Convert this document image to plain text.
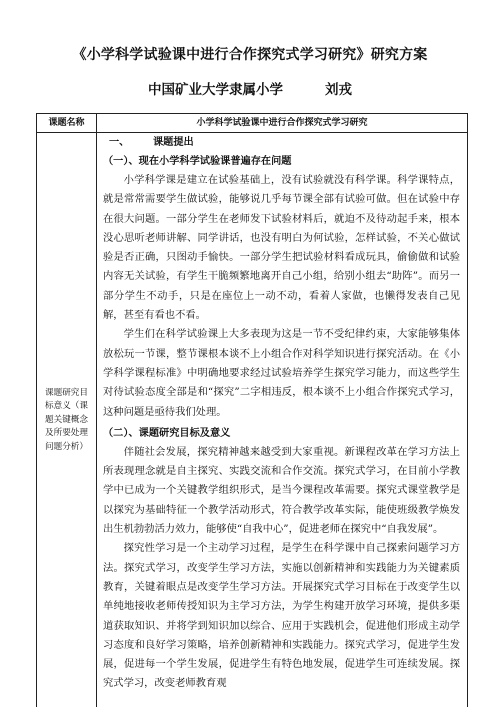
《小学科学试验课中进行合作探究式学习研究》研究方案
中国矿业大学隶属小学	刘戎
课题名称	小学科学试验课中进行合作探究式学习研究
课题研究目标意义（课题关键概念及所要处理问题分析）

一、 课题提出

（一）、现在小学科学试验课普遍存在问题

小学科学课是建立在试验基础上，没有试验就没有科学课。科学课特点，就是常常需要学生做试验，能够说几乎每节课全部有试验可做。但在试验中存在很大问题。一部分学生在老师发下试验材料后，就迫不及待动起手来，根本没心思听老师讲解、同学讲话，也没有明白为何试验，怎样试验，不关心做试验是否正确，只图动手愉快。一部分学生把试验材料看成玩具，偷偷做和试验内容无关试验，有学生干脆频繁地离开自己小组，给别小组去“助阵”。而另一部分学生不动手，只是在座位上一动不动，看着人家做，也懒得发表自己见解，甚至有看也不看。

学生们在科学试验课上大多表现为这是一节不受纪律约束，大家能够集体放松玩一节课，整节课根本谈不上小组合作对科学知识进行探究活动。在《小学科学课程标准》中明确地要求经过试验培养学生探究学习能力，而这些学生对待试验态度全部是和“探究”二字相违反，根本谈不上小组合作探究式学习，这种问题是亟待我们处理。

（二）、课题研究目标及意义

伴随社会发展，探究精神越来越受到大家重视。新课程改革在学习方法上所表现理念就是自主探究、实践交流和合作交流。探究式学习，在目前小学教学中已成为一个关键教学组织形式，是当今课程改革需要。探究式课堂教学是以探究为基础特征一个教学活动形式，符合教学改革实际，能使班级教学焕发出生机勃勃活力效力，能够使“自我中心”，促进老师在探究中“自我发展”。

探究性学习是一个主动学习过程，是学生在科学课中自己探索问题学习方法。探究式学习，改变学生学习方法，实施以创新精神和实践能力为关键素质教育，关键着眼点是改变学生学习方法。开展探究式学习目标在于改变学生以单纯地接收老师传授知识为主学习方法，为学生构建开放学习环境，提供多渠道获取知识、并将学到知识加以综合、应用于实践机会，促进他们形成主动学习态度和良好学习策略，培养创新精神和实践能力。探究式学习，促进学生发展，促进每一个学生发展，促进学生有特色地发展，促进学生可连续发展。探究式学习，改变老师教育观
